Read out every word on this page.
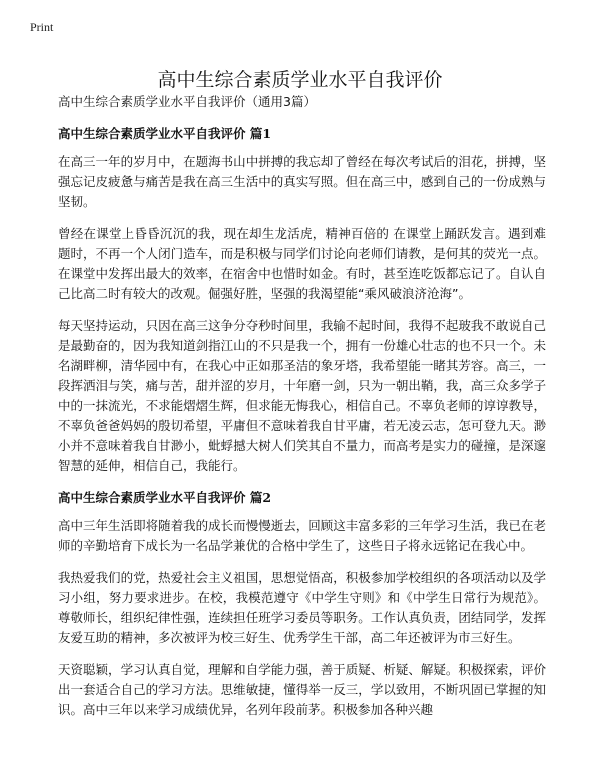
Print
高中生综合素质学业水平自我评价

高中生综合素质学业水平自我评价（通用3篇）

高中生综合素质学业水平自我评价 篇1

在高三一年的岁月中，在题海书山中拼搏的我忘却了曾经在每次考试后的泪花，拼搏，坚强忘记皮疲惫与痛苦是我在高三生活中的真实写照。但在高三中，感到自己的一份成熟与坚韧。

曾经在课堂上昏昏沉沉的我，现在却生龙活虎，精神百倍的 在课堂上踊跃发言。遇到难题时，不再一个人闭门造车，而是积极与同学们讨论向老师们请教，是何其的荧光一点。在课堂中发挥出最大的效率，在宿舍中也惜时如金。有时，甚至连吃饭都忘记了。自认自己比高二时有较大的改观。倔强好胜，坚强的我渴望能“乘风破浪济沧海”。

每天坚持运动，只因在高三这争分夺秒时间里，我输不起时间，我得不起玻我不敢说自己是最勤奋的，因为我知道剑指江山的不只是我一个，拥有一份雄心壮志的也不只一个。未名湖畔柳，清华园中有，在我心中正如那圣洁的象牙塔，我希望能一睹其芳容。高三，一段挥洒泪与笑，痛与苦，甜并涩的岁月，十年磨一剑，只为一朝出鞘，我，高三众多学子中的一抹流光，不求能熠熠生辉，但求能无悔我心，相信自己。不辜负老师的谆谆教导，不辜负爸爸妈妈的殷切希望，平庸但不意味着我自甘平庸，若无凌云志，怎可登九天。渺小并不意味着我自甘渺小，蚍蜉撼大树人们笑其自不量力，而高考是实力的碰撞，是深邃智慧的延伸，相信自己，我能行。

高中生综合素质学业水平自我评价 篇2

高中三年生活即将随着我的成长而慢慢逝去，回顾这丰富多彩的三年学习生活，我已在老师的辛勤培育下成长为一名品学兼优的合格中学生了，这些日子将永远铭记在我心中。

我热爱我们的党，热爱社会主义祖国，思想觉悟高，积极参加学校组织的各项活动以及学习小组，努力要求进步。在校，我模范遵守《中学生守则》和《中学生日常行为规范》。尊敬师长，组织纪律性强，连续担任班学习委员等职务。工作认真负责，团结同学，发挥友爱互助的精神，多次被评为校三好生、优秀学生干部，高二年还被评为市三好生。

天资聪颖，学习认真自觉，理解和自学能力强，善于质疑、析疑、解疑。积极探索，评价出一套适合自己的学习方法。思维敏捷，懂得举一反三，学以致用，不断巩固已掌握的知识。高中三年以来学习成绩优异，名列年段前茅。积极参加各种兴趣
